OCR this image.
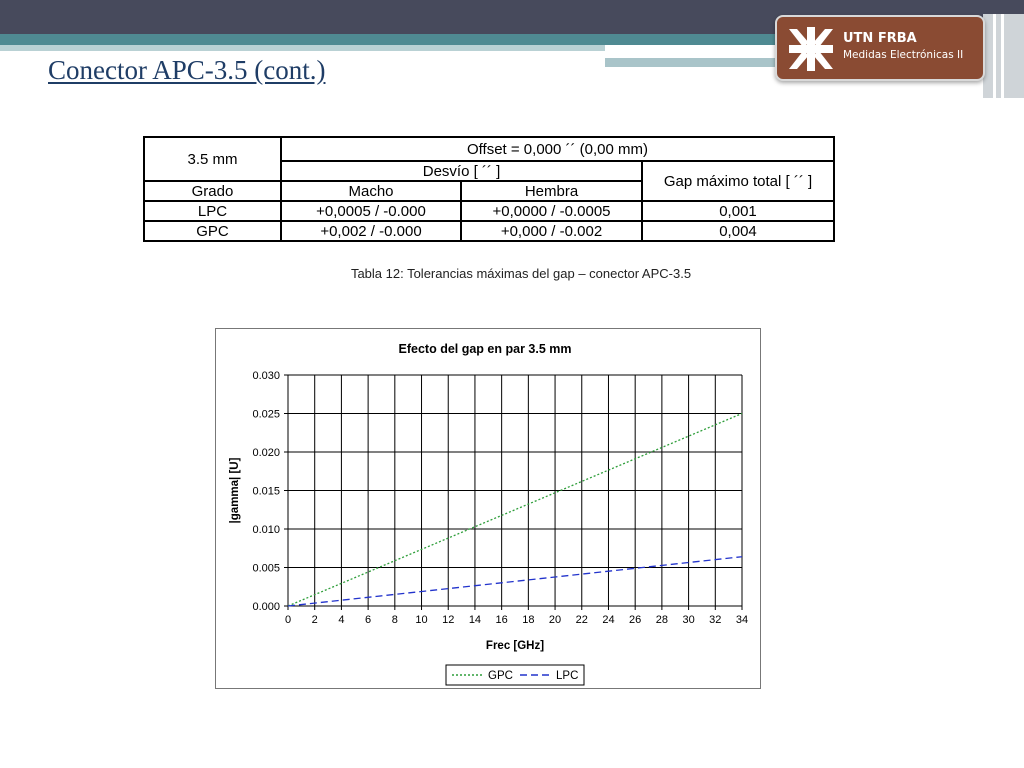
UTN FRBA
Medidas Electrónicas II
Conector APC-3.5 (cont.)
3.5 mm	Offset = 0,000 ´´ (0,00 mm)		
	Desvío [ ´´ ]		Gap máximo total [ ´´ ]
Grado	Macho	Hembra	
LPC	+0,0005 / -0.000	+0,0000 / -0.0005	0,001
GPC	+0,002 / -0.000	+0,000 / -0.002	0,004
Tabla 12: Tolerancias máximas del gap – conector APC-3.5
Efecto del gap en par 3.5 mm
0 2 4 6 8 10 12 14 16 18 20 22 24 26 28 30 32 34
0.000
0.005
0.010
0.015
0.020
0.025
0.030
Frec [GHz]
|gamma| [U]
GPC	LPC
